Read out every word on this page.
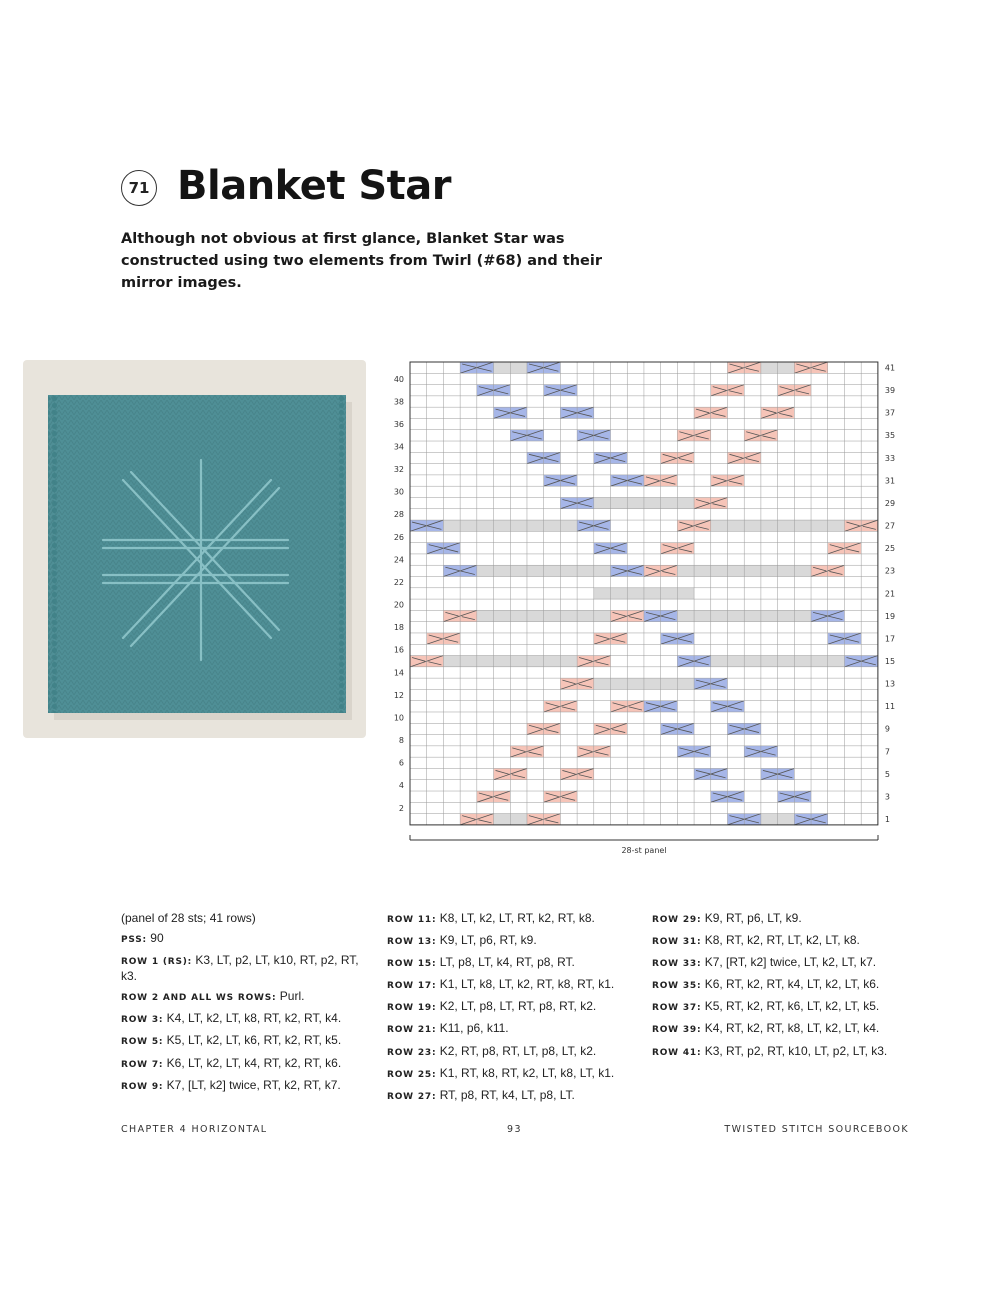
71 Blanket Star

Although not obvious at first glance, Blanket Star was constructed using two elements from Twirl (#68) and their mirror images.

40
38
36
34
32
30
28
26
24
22
20
18
16
14
12
10
8
6
4
2
41
39
37
35
33
31
29
27
25
23
21
19
17
15
13
11
9
7
5
3
1
28-st panel
(panel of 28 sts; 41 rows)
PSS: 90
ROW 1 (RS): K3, LT, p2, LT, k10, RT, p2, RT, k3.
ROW 2 AND ALL WS ROWS: Purl.
ROW 3: K4, LT, k2, LT, k8, RT, k2, RT, k4.
ROW 5: K5, LT, k2, LT, k6, RT, k2, RT, k5.
ROW 7: K6, LT, k2, LT, k4, RT, k2, RT, k6.
ROW 9: K7, [LT, k2] twice, RT, k2, RT, k7.
ROW 11: K8, LT, k2, LT, RT, k2, RT, k8.
ROW 13: K9, LT, p6, RT, k9.
ROW 15: LT, p8, LT, k4, RT, p8, RT.
ROW 17: K1, LT, k8, LT, k2, RT, k8, RT, k1.
ROW 19: K2, LT, p8, LT, RT, p8, RT, k2.
ROW 21: K11, p6, k11.
ROW 23: K2, RT, p8, RT, LT, p8, LT, k2.
ROW 25: K1, RT, k8, RT, k2, LT, k8, LT, k1.
ROW 27: RT, p8, RT, k4, LT, p8, LT.
ROW 29: K9, RT, p6, LT, k9.
ROW 31: K8, RT, k2, RT, LT, k2, LT, k8.
ROW 33: K7, [RT, k2] twice, LT, k2, LT, k7.
ROW 35: K6, RT, k2, RT, k4, LT, k2, LT, k6.
ROW 37: K5, RT, k2, RT, k6, LT, k2, LT, k5.
ROW 39: K4, RT, k2, RT, k8, LT, k2, LT, k4.
ROW 41: K3, RT, p2, RT, k10, LT, p2, LT, k3.
CHAPTER 4 HORIZONTAL	93	TWISTED STITCH SOURCEBOOK
